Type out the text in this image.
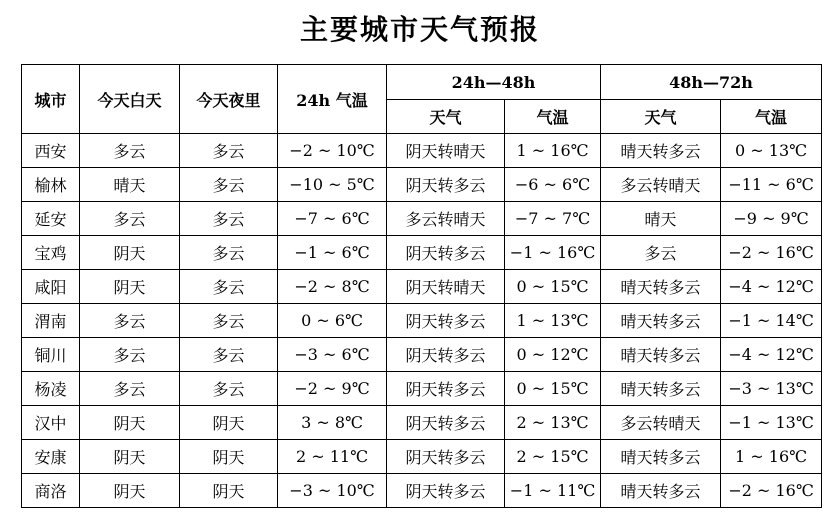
主要城市天气预报
城市	今天白天	今天夜里	24h 气温	24h—48h		48h—72h	
				天气	气温	天气	气温
西安	多云	多云	−2 ~ 10℃	阴天转晴天	1 ~ 16℃	晴天转多云	0 ~ 13℃
榆林	晴天	多云	−10 ~ 5℃	阴天转多云	−6 ~ 6℃	多云转晴天	−11 ~ 6℃
延安	多云	多云	−7 ~ 6℃	多云转晴天	−7 ~ 7℃	晴天	−9 ~ 9℃
宝鸡	阴天	多云	−1 ~ 6℃	阴天转多云	−1 ~ 16℃	多云	−2 ~ 16℃
咸阳	阴天	多云	−2 ~ 8℃	阴天转晴天	0 ~ 15℃	晴天转多云	−4 ~ 12℃
渭南	多云	多云	0 ~ 6℃	阴天转多云	1 ~ 13℃	晴天转多云	−1 ~ 14℃
铜川	多云	多云	−3 ~ 6℃	阴天转多云	0 ~ 12℃	晴天转多云	−4 ~ 12℃
杨凌	多云	多云	−2 ~ 9℃	阴天转多云	0 ~ 15℃	晴天转多云	−3 ~ 13℃
汉中	阴天	阴天	3 ~ 8℃	阴天转多云	2 ~ 13℃	多云转晴天	−1 ~ 13℃
安康	阴天	阴天	2 ~ 11℃	阴天转多云	2 ~ 15℃	晴天转多云	1 ~ 16℃
商洛	阴天	阴天	−3 ~ 10℃	阴天转多云	−1 ~ 11℃	晴天转多云	−2 ~ 16℃
